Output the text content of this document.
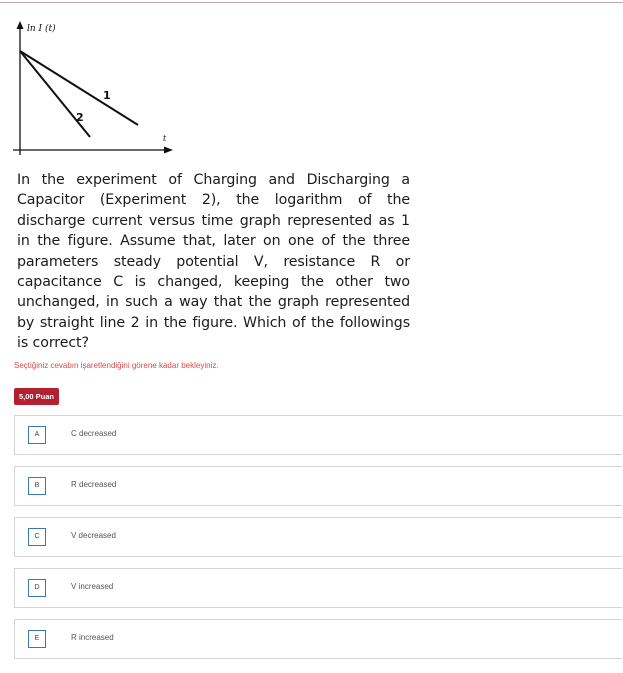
ln I (t)
t
1
2
In the experiment of Charging and Discharging a Capacitor (Experiment 2), the logarithm of the discharge current versus time graph represented as 1 in the figure. Assume that, later on one of the three parameters steady potential V, resistance R or capacitance C is changed, keeping the other two unchanged, in such a way that the graph represented by straight line 2 in the figure. Which of the followings is correct?
Seçtiğiniz cevabın işaretlendiğini görene kadar bekleyiniz.
5,00 Puan
A	C decreased
B	R decreased
C	V decreased
D	V increased
E	R increased
